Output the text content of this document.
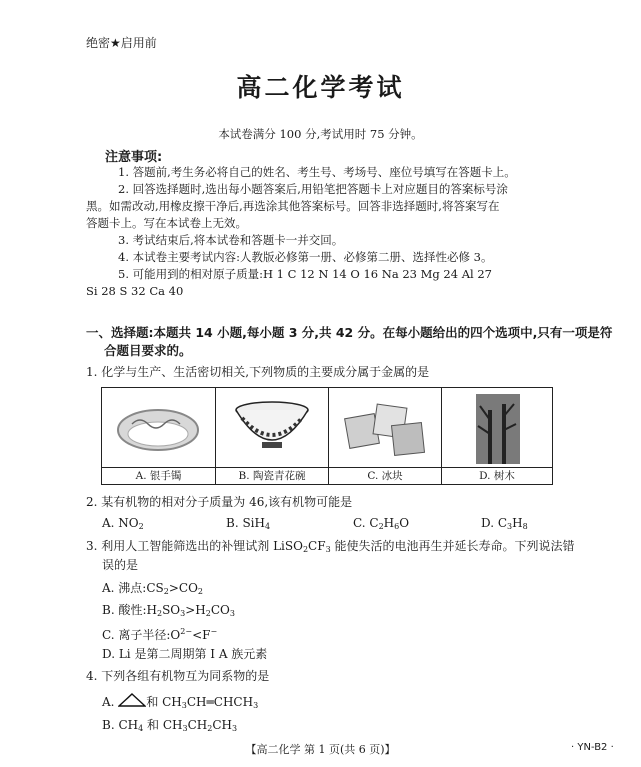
绝密★启用前
高二化学考试
本试卷满分 100 分,考试用时 75 分钟。
注意事项:
1. 答题前,考生务必将自己的姓名、考生号、考场号、座位号填写在答题卡上。
2. 回答选择题时,选出每小题答案后,用铅笔把答题卡上对应题目的答案标号涂
黑。如需改动,用橡皮擦干净后,再选涂其他答案标号。回答非选择题时,将答案写在
答题卡上。写在本试卷上无效。
3. 考试结束后,将本试卷和答题卡一并交回。
4. 本试卷主要考试内容:人教版必修第一册、必修第二册、选择性必修 3。
5. 可能用到的相对原子质量:H 1 C 12 N 14 O 16 Na 23 Mg 24 Al 27
Si 28 S 32 Ca 40
一、选择题:本题共 14 小题,每小题 3 分,共 42 分。在每小题给出的四个选项中,只有一项是符
合题目要求的。
1. 化学与生产、生活密切相关,下列物质的主要成分属于金属的是
A. 银手镯	B. 陶瓷青花碗	C. 冰块	D. 树木
2. 某有机物的相对分子质量为 46,该有机物可能是
A. $NO_2$	B. SiH$_4$	C. $C_2H_6O$	D. $C_3H_8$
3. 利用人工智能筛选出的补锂试剂 $LiSO_2CF_3$ 能使失活的电池再生并延长寿命。下列说法错
误的是
A. 沸点$:CS_2>CO_2$
B. 酸性$:H_2SO_3>H_2CO_3$
C. 离子半径$:O^{2-}<F^-$
D. Li 是第二周期第 Ⅰ A 族元素
4. 下列各组有机物互为同系物的是
A.	和 $CH_3CH═CHCH_3$
B. $CH_4$ 和 $CH_3CH_2CH_3$
【高二化学 第 1 页(共 6 页)】	· YN-B2 ·
